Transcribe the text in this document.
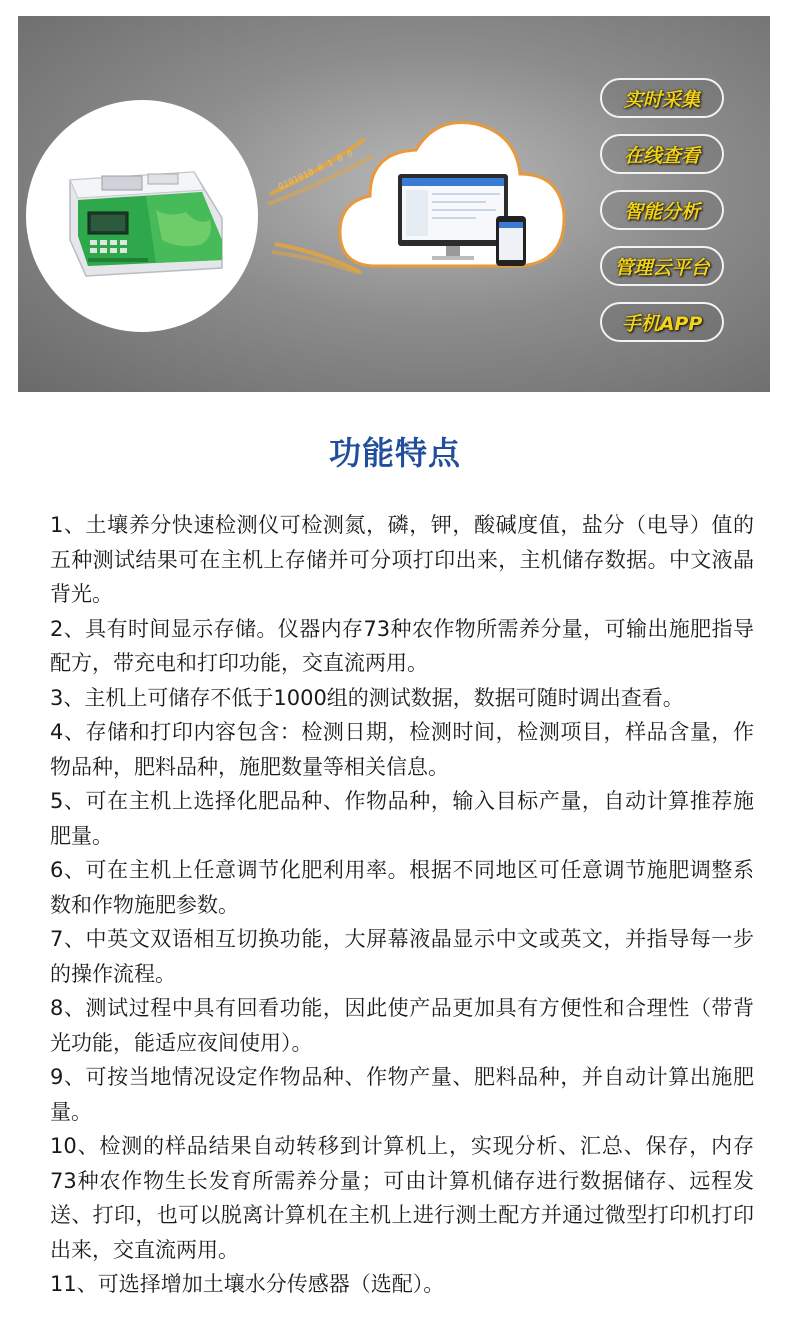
0101010 0 1 0 0
实时采集
在线查看
智能分析
管理云平台
手机APP
功能特点

1、土壤养分快速检测仪可检测氮，磷，钾，酸碱度值，盐分（电导）值的五种测试结果可在主机上存储并可分项打印出来，主机储存数据。中文液晶背光。

2、具有时间显示存储。仪器内存73种农作物所需养分量，可输出施肥指导配方，带充电和打印功能，交直流两用。

3、主机上可储存不低于1000组的测试数据，数据可随时调出查看。

4、存储和打印内容包含：检测日期，检测时间，检测项目，样品含量，作物品种，肥料品种，施肥数量等相关信息。

5、可在主机上选择化肥品种、作物品种，输入目标产量，自动计算推荐施肥量。

6、可在主机上任意调节化肥利用率。根据不同地区可任意调节施肥调整系数和作物施肥参数。

7、中英文双语相互切换功能，大屏幕液晶显示中文或英文，并指导每一步的操作流程。

8、测试过程中具有回看功能，因此使产品更加具有方便性和合理性（带背光功能，能适应夜间使用）。

9、可按当地情况设定作物品种、作物产量、肥料品种，并自动计算出施肥量。

10、检测的样品结果自动转移到计算机上，实现分析、汇总、保存，内存73种农作物生长发育所需养分量；可由计算机储存进行数据储存、远程发送、打印，也可以脱离计算机在主机上进行测土配方并通过微型打印机打印出来，交直流两用。

11、可选择增加土壤水分传感器（选配）。
